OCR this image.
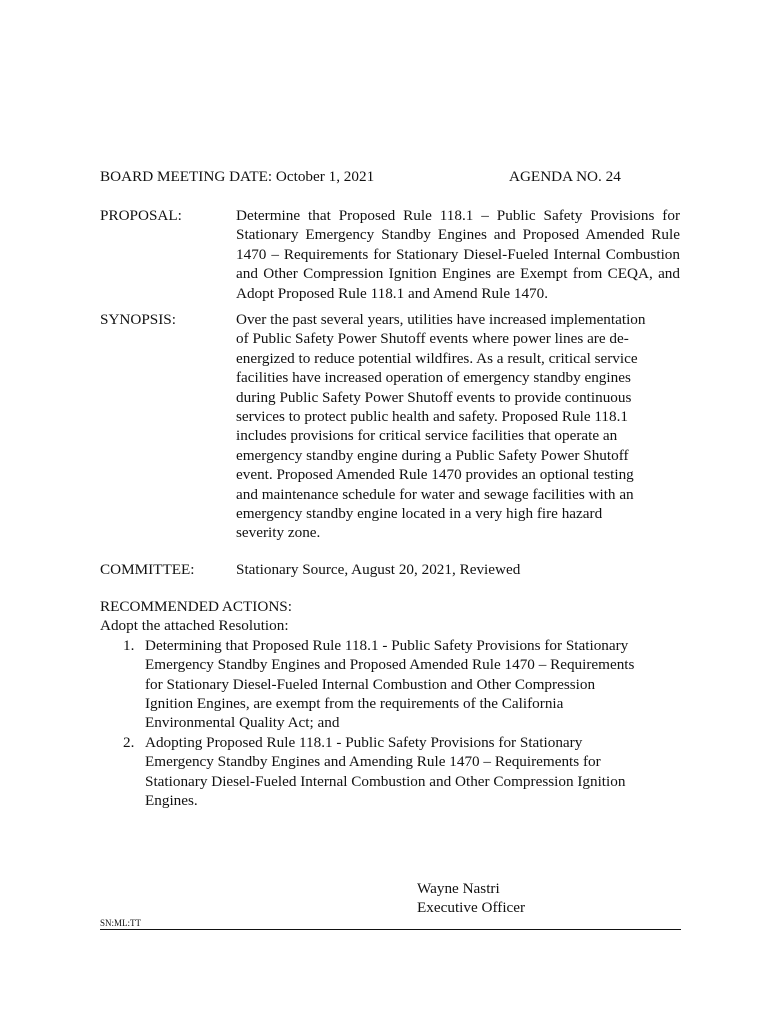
BOARD MEETING DATE: October 1, 2021	AGENDA NO. 24
PROPOSAL:	Determine that Proposed Rule 118.1 – Public Safety Provisions for Stationary Emergency Standby Engines and Proposed Amended Rule 1470 – Requirements for Stationary Diesel-Fueled Internal Combustion and Other Compression Ignition Engines are Exempt from CEQA, and Adopt Proposed Rule 118.1 and Amend Rule 1470.
SYNOPSIS:	Over the past several years, utilities have increased implementation
of Public Safety Power Shutoff events where power lines are de-
energized to reduce potential wildfires. As a result, critical service
facilities have increased operation of emergency standby engines
during Public Safety Power Shutoff events to provide continuous
services to protect public health and safety. Proposed Rule 118.1
includes provisions for critical service facilities that operate an
emergency standby engine during a Public Safety Power Shutoff
event. Proposed Amended Rule 1470 provides an optional testing
and maintenance schedule for water and sewage facilities with an
emergency standby engine located in a very high fire hazard
severity zone.
COMMITTEE:	Stationary Source, August 20, 2021, Reviewed
RECOMMENDED ACTIONS:
Adopt the attached Resolution:
1. Determining that Proposed Rule 118.1 - Public Safety Provisions for Stationary
Emergency Standby Engines and Proposed Amended Rule 1470 – Requirements
for Stationary Diesel-Fueled Internal Combustion and Other Compression
Ignition Engines, are exempt from the requirements of the California
Environmental Quality Act; and
2. Adopting Proposed Rule 118.1 - Public Safety Provisions for Stationary
Emergency Standby Engines and Amending Rule 1470 – Requirements for
Stationary Diesel-Fueled Internal Combustion and Other Compression Ignition
Engines.
Wayne Nastri
Executive Officer
SN:ML:TT
